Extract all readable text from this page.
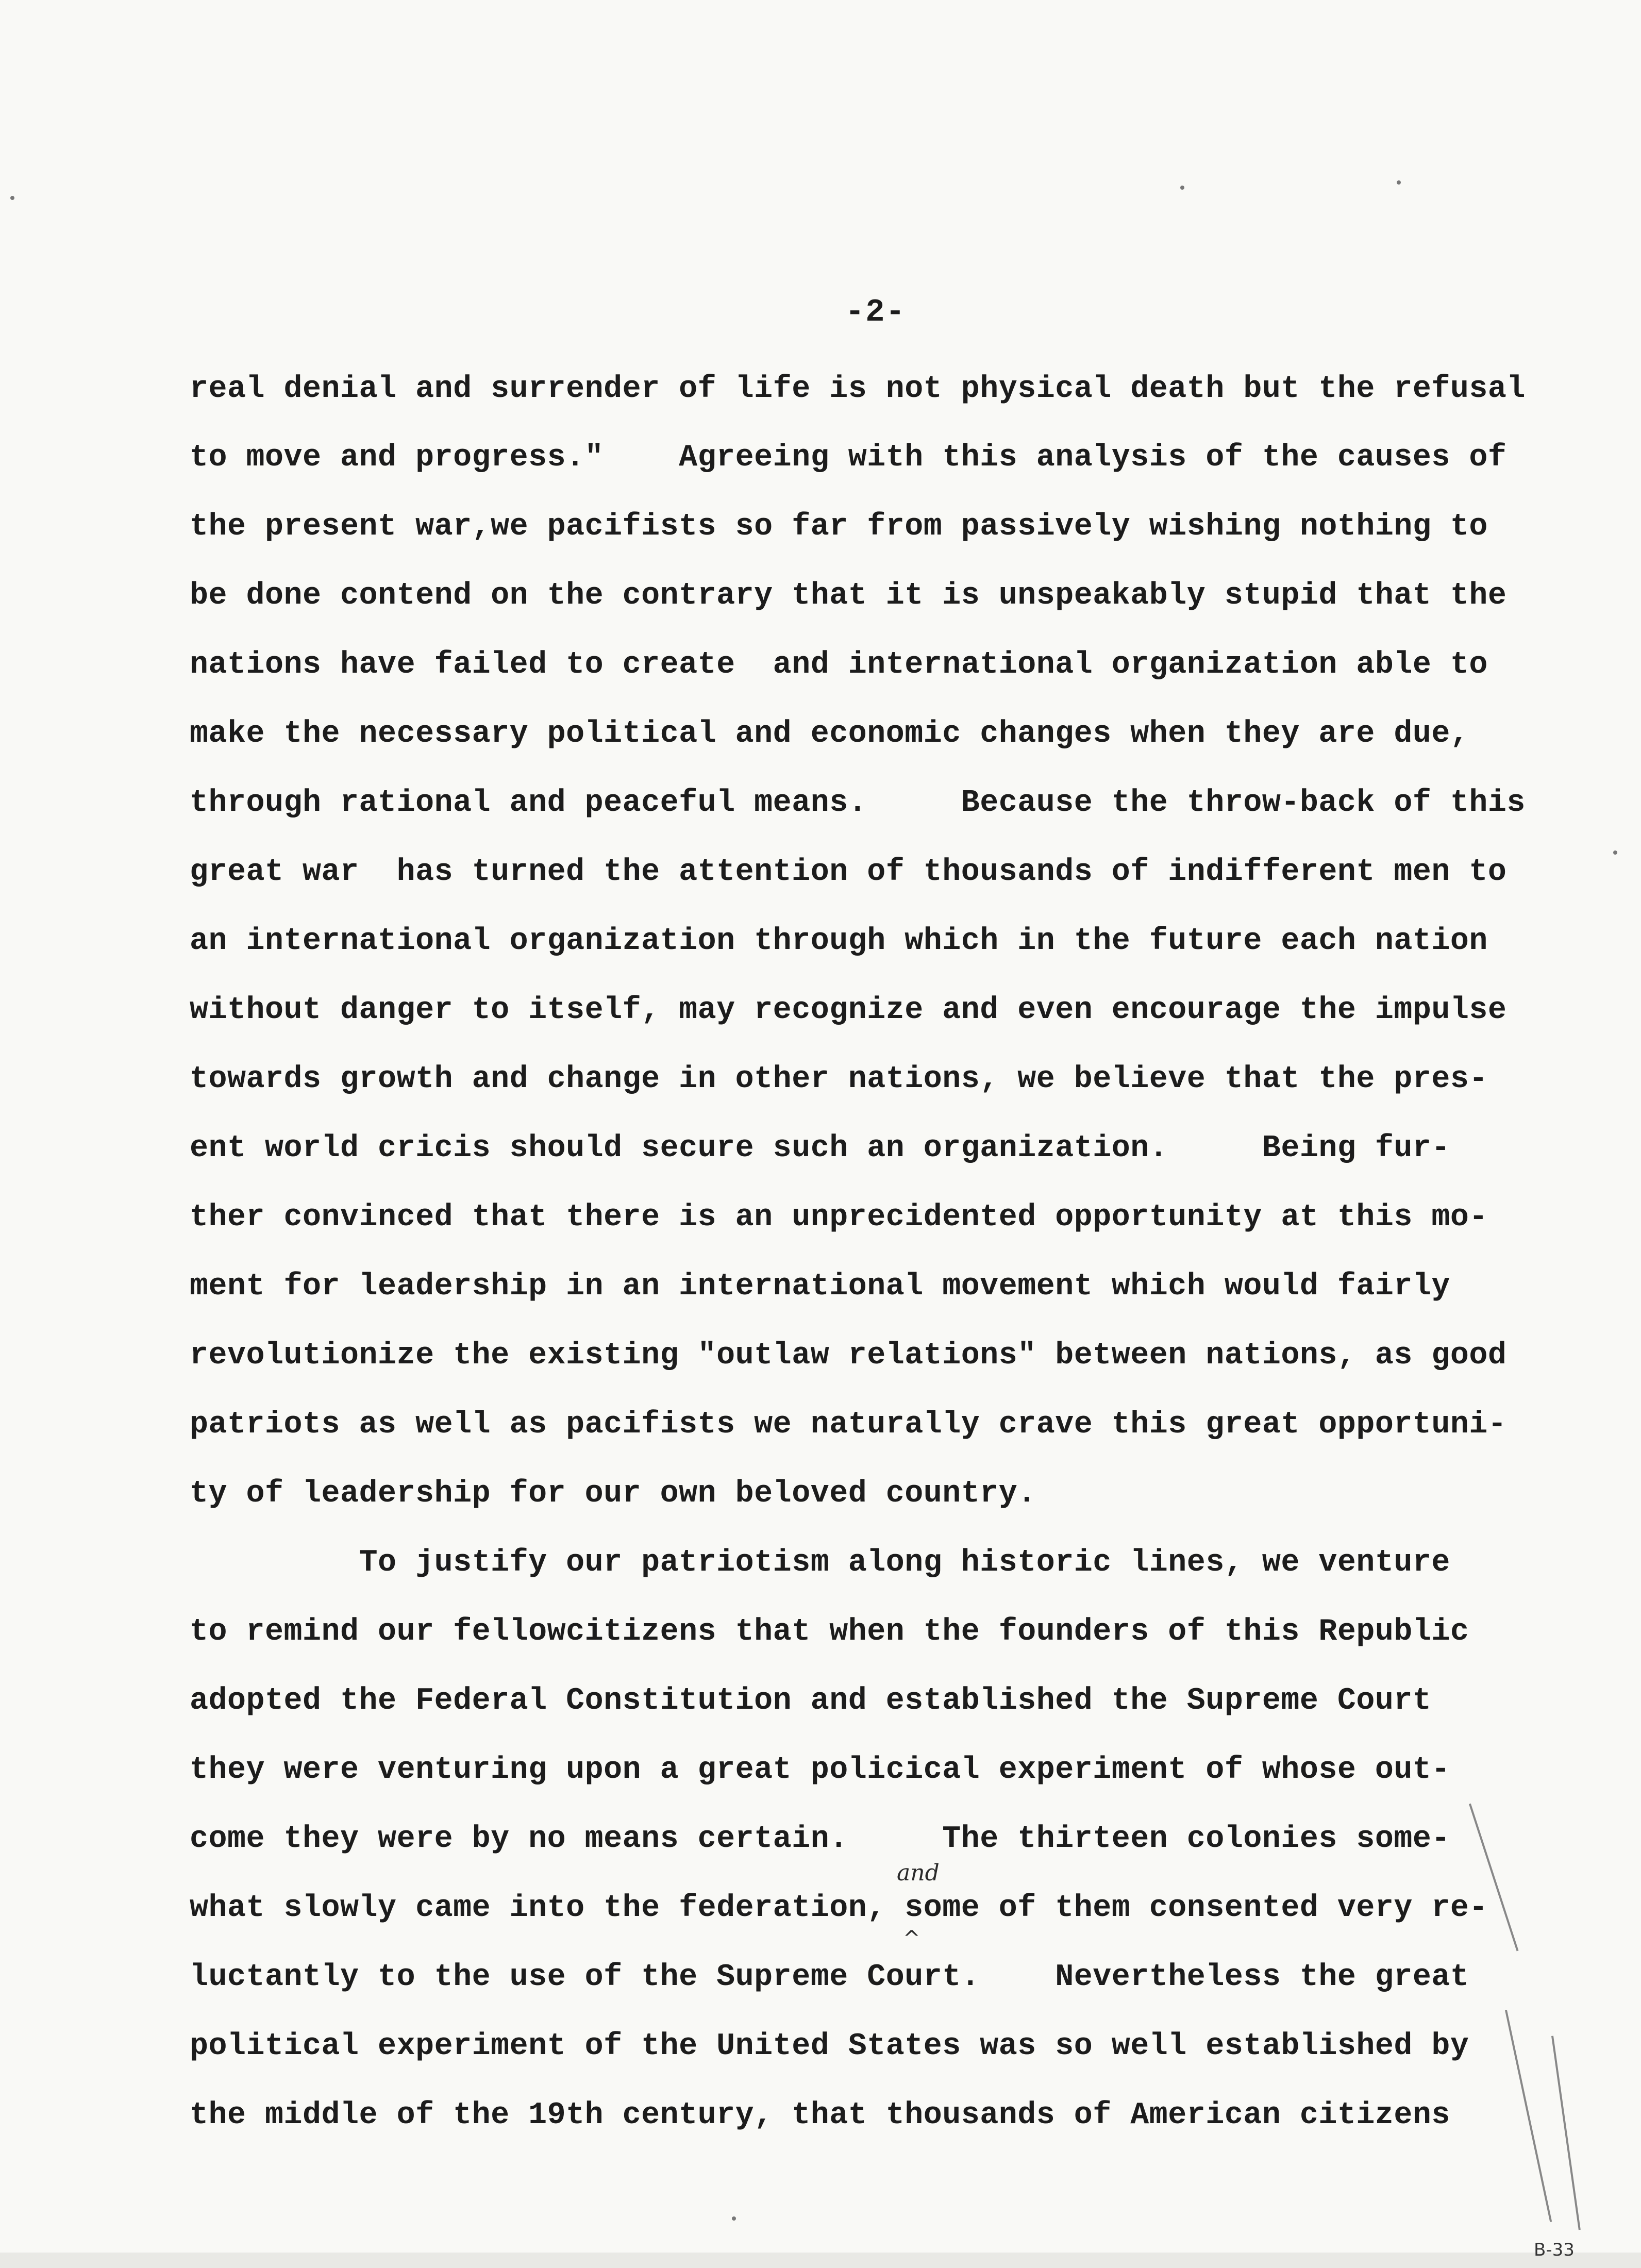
-2-
real denial and surrender of life is not physical death but the refusal
to move and progress."    Agreeing with this analysis of the causes of
the present war,we pacifists so far from passively wishing nothing to
be done contend on the contrary that it is unspeakably stupid that the
nations have failed to create  and international organization able to
make the necessary political and economic changes when they are due,
through rational and peaceful means.     Because the throw-back of this
great war  has turned the attention of thousands of indifferent men to
an international organization through which in the future each nation
without danger to itself, may recognize and even encourage the impulse
towards growth and change in other nations, we believe that the pres-
ent world cricis should secure such an organization.     Being fur-
ther convinced that there is an unprecidented opportunity at this mo-
ment for leadership in an international movement which would fairly
revolutionize the existing "outlaw relations" between nations, as good
patriots as well as pacifists we naturally crave this great opportuni-
ty of leadership for our own beloved country.
To justify our patriotism along historic lines, we venture
to remind our fellowcitizens that when the founders of this Republic
adopted the Federal Constitution and established the Supreme Court
they were venturing upon a great policical experiment of whose out-
come they were by no means certain.     The thirteen colonies some-
what slowly came into the federation, some of them consented very re-
luctantly to the use of the Supreme Court.    Nevertheless the great
political experiment of the United States was so well established by
the middle of the 19th century, that thousands of American citizens
and
^
B-33
